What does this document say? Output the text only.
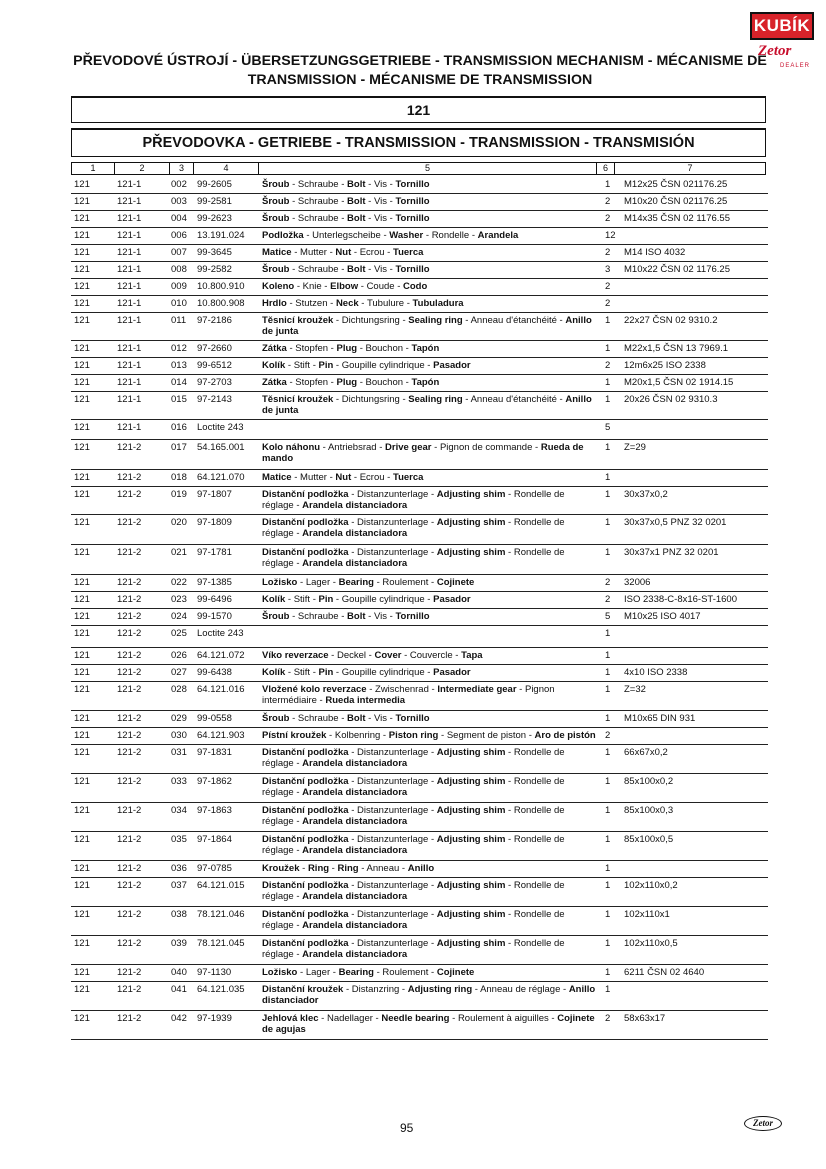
KUBÍK
Zetor
DEALER
PŘEVODOVÉ ÚSTROJÍ - ÜBERSETZUNGSGETRIEBE - TRANSMISSION MECHANISM - MÉCANISME DE
TRANSMISSION - MÉCANISME DE TRANSMISSION
121
PŘEVODOVKA - GETRIEBE - TRANSMISSION - TRANSMISSION - TRANSMISIÓN
1	2	3	4	5	6	7
121	121-1	002 99-2605	Šroub - Schraube - Bolt - Vis - Tornillo	1 M12x25 ČSN 021176.25
121	121-1	003 99-2581	Šroub - Schraube - Bolt - Vis - Tornillo	2 M10x20 ČSN 021176.25
121	121-1	004 99-2623	Šroub - Schraube - Bolt - Vis - Tornillo	2 M14x35 ČSN 02 1176.55
121	121-1	006 13.191.024 Podložka - Unterlegscheibe - Washer - Rondelle - Arandela	12
121	121-1	007 99-3645	Matice - Mutter - Nut - Ecrou - Tuerca	2 M14 ISO 4032
121	121-1	008 99-2582	Šroub - Schraube - Bolt - Vis - Tornillo	3 M10x22 ČSN 02 1176.25
121	121-1	009 10.800.910 Koleno - Knie - Elbow - Coude - Codo	2
121	121-1	010 10.800.908 Hrdlo - Stutzen - Neck - Tubulure - Tubuladura	2
121	121-1	011 97-2186	Těsnicí kroužek - Dichtungsring - Sealing ring - Anneau d'étanchéité - Anillo de junta
1 22x27 ČSN 02 9310.2
121	121-1	012 97-2660	Zátka - Stopfen - Plug - Bouchon - Tapón	1 M22x1,5 ČSN 13 7969.1
121	121-1	013 99-6512	Kolík - Stift - Pin - Goupille cylindrique - Pasador	2 12m6x25 ISO 2338
121	121-1	014 97-2703	Zátka - Stopfen - Plug - Bouchon - Tapón	1 M20x1,5 ČSN 02 1914.15
121	121-1	015 97-2143	Těsnicí kroužek - Dichtungsring - Sealing ring - Anneau d'étanchéité - Anillo de junta
1 20x26 ČSN 02 9310.3
121	121-1	016 Loctite 243	5
121	121-2	017 54.165.001 Kolo náhonu - Antriebsrad - Drive gear - Pignon de commande - Rueda de mando
1 Z=29
121	121-2	018 64.121.070 Matice - Mutter - Nut - Ecrou - Tuerca	1
121	121-2	019 97-1807	Distanční podložka - Distanzunterlage - Adjusting shim - Rondelle de réglage - Arandela distanciadora
1 30x37x0,2
121	121-2	020 97-1809	Distanční podložka - Distanzunterlage - Adjusting shim - Rondelle de réglage - Arandela distanciadora
1 30x37x0,5 PNZ 32 0201
121	121-2	021 97-1781	Distanční podložka - Distanzunterlage - Adjusting shim - Rondelle de réglage - Arandela distanciadora
1 30x37x1 PNZ 32 0201
121	121-2	022 97-1385	Ložisko - Lager - Bearing - Roulement - Cojinete	2 32006
121	121-2	023 99-6496	Kolík - Stift - Pin - Goupille cylindrique - Pasador	2 ISO 2338-C-8x16-ST-1600
121	121-2	024 99-1570	Šroub - Schraube - Bolt - Vis - Tornillo	5 M10x25 ISO 4017
121	121-2	025 Loctite 243	1
121	121-2	026 64.121.072 Víko reverzace - Deckel - Cover - Couvercle - Tapa	1
121	121-2	027 99-6438	Kolík - Stift - Pin - Goupille cylindrique - Pasador	1 4x10 ISO 2338
121	121-2	028 64.121.016 Vložené kolo reverzace - Zwischenrad - Intermediate gear - Pignon intermédiaire - Rueda intermedia
1 Z=32
121	121-2	029 99-0558	Šroub - Schraube - Bolt - Vis - Tornillo	1 M10x65 DIN 931
121	121-2	030 64.121.903 Pístní kroužek - Kolbenring - Piston ring - Segment de piston - Aro de pistón 2
121	121-2	031 97-1831	Distanční podložka - Distanzunterlage - Adjusting shim - Rondelle de réglage - Arandela distanciadora
1 66x67x0,2
121	121-2	033 97-1862	Distanční podložka - Distanzunterlage - Adjusting shim - Rondelle de réglage - Arandela distanciadora
1 85x100x0,2
121	121-2	034 97-1863	Distanční podložka - Distanzunterlage - Adjusting shim - Rondelle de réglage - Arandela distanciadora
1 85x100x0,3
121	121-2	035 97-1864	Distanční podložka - Distanzunterlage - Adjusting shim - Rondelle de réglage - Arandela distanciadora
1 85x100x0,5
121	121-2	036 97-0785	Kroužek - Ring - Ring - Anneau - Anillo	1
121	121-2	037 64.121.015 Distanční podložka - Distanzunterlage - Adjusting shim - Rondelle de réglage - Arandela distanciadora
1 102x110x0,2
121	121-2	038 78.121.046 Distanční podložka - Distanzunterlage - Adjusting shim - Rondelle de réglage - Arandela distanciadora
1 102x110x1
121	121-2	039 78.121.045 Distanční podložka - Distanzunterlage - Adjusting shim - Rondelle de réglage - Arandela distanciadora
1 102x110x0,5
121	121-2	040 97-1130	Ložisko - Lager - Bearing - Roulement - Cojinete	1 6211 ČSN 02 4640
121	121-2	041 64.121.035 Distanční kroužek - Distanzring - Adjusting ring - Anneau de réglage - Anillo distanciador
1
121	121-2	042 97-1939	Jehlová klec - Nadellager - Needle bearing - Roulement à aiguilles - Cojinete de agujas
2 58x63x17
95	Zetor
